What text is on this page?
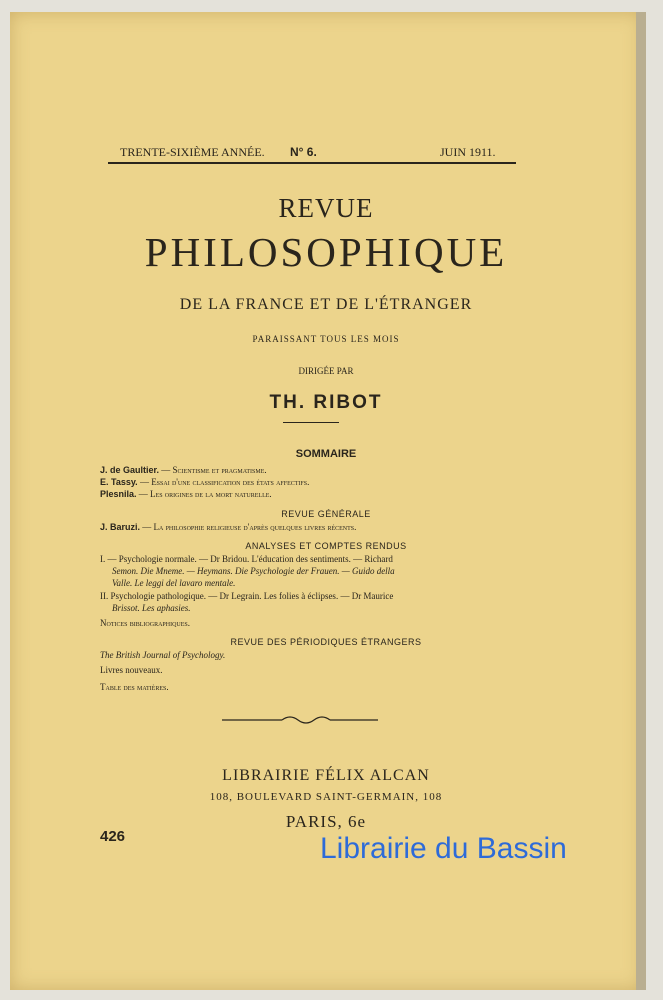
TRENTE-SIXIÈME ANNÉE. N° 6.	JUIN 1911.
REVUE
PHILOSOPHIQUE
DE LA FRANCE ET DE L'ÉTRANGER
PARAISSANT TOUS LES MOIS
DIRIGÉE PAR
TH. RIBOT
SOMMAIRE
J. de Gaultier. — Scientisme et pragmatisme.
E. Tassy. — Essai d'une classification des états affectifs.
Plesnila. — Les origines de la mort naturelle.
REVUE GÉNÉRALE
J. Baruzi. — La philosophie religieuse d'après quelques livres récents.
ANALYSES ET COMPTES RENDUS
I. — Psychologie normale. — Dr Bridou. L'éducation des sentiments. — Richard
Semon. Die Mneme. — Heymans. Die Psychologie der Frauen. — Guido della
Valle. Le leggi del lavaro mentale.
II. Psychologie pathologique. — Dr Legrain. Les folies à éclipses. — Dr Maurice
Brissot. Les aphasies.
Notices bibliographiques.
REVUE DES PÉRIODIQUES ÉTRANGERS
The British Journal of Psychology.
Livres nouveaux.
Table des matières.
LIBRAIRIE FÉLIX ALCAN
108, BOULEVARD SAINT-GERMAIN, 108
PARIS, 6e
426	Librairie du Bassin
